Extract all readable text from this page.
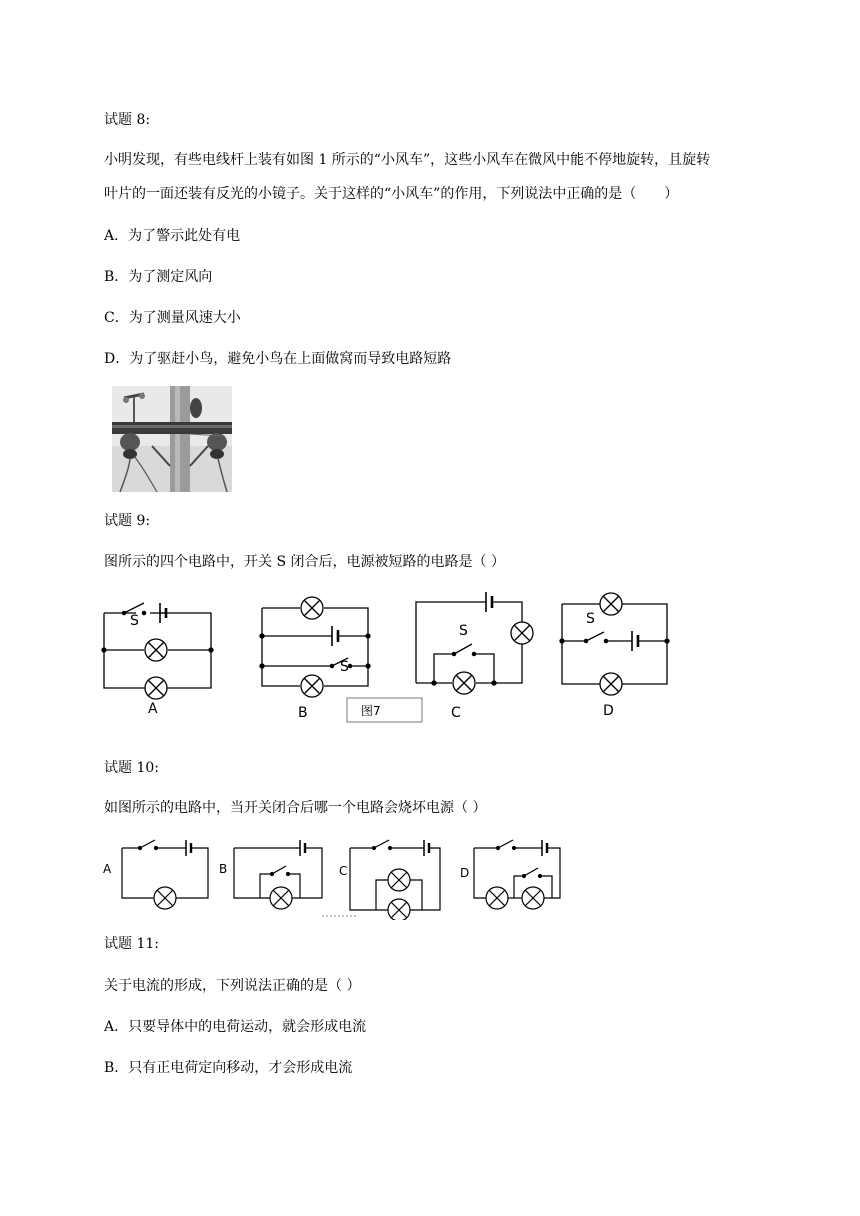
试题 8:
小明发现，有些电线杆上装有如图 1 所示的“小风车”，这些小风车在微风中能不停地旋转，且旋转
叶片的一面还装有反光的小镜子。关于这样的“小风车”的作用，下列说法中正确的是（　　）
A．为了警示此处有电
B．为了测定风向
C．为了测量风速大小
D．为了驱赶小鸟，避免小鸟在上面做窝而导致电路短路
试题 9:
图所示的四个电路中，开关 S 闭合后，电源被短路的电路是（ ）
S
A
S
B	图7
S
C
S
D
试题 10:
如图所示的电路中，当开关闭合后哪一个电路会烧坏电源（ ）
A	B	C	D
试题 11:
关于电流的形成，下列说法正确的是（ ）
A．只要导体中的电荷运动，就会形成电流
B．只有正电荷定向移动，才会形成电流
